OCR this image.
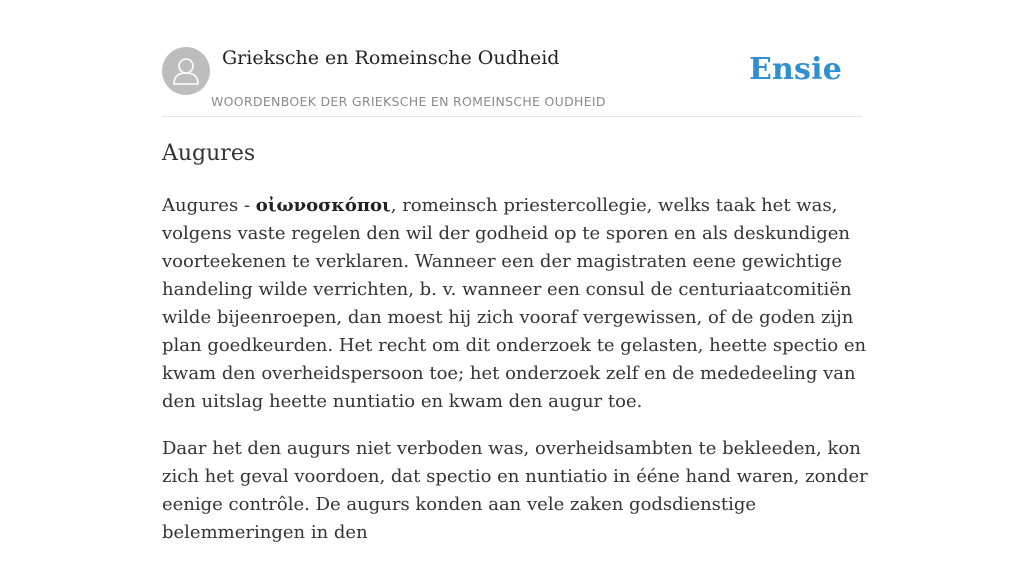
Grieksche en Romeinsche Oudheid
WOORDENBOEK DER GRIEKSCHE EN ROMEINSCHE OUDHEID
Ensie
Augures

Augures - οἰωνοσκόποι, romeinsch priestercollegie, welks taak het was, volgens vaste regelen den wil der godheid op te sporen en als deskundigen voorteekenen te verklaren. Wanneer een der magistraten eene gewichtige handeling wilde verrichten, b. v. wanneer een consul de centuriaatcomitiën wilde bijeenroepen, dan moest hij zich vooraf vergewissen, of de goden zijn plan goedkeurden. Het recht om dit onderzoek te gelasten, heette spectio en kwam den overheidspersoon toe; het onderzoek zelf en de mededeeling van den uitslag heette nuntiatio en kwam den augur toe.

Daar het den augurs niet verboden was, overheidsambten te bekleeden, kon zich het geval voordoen, dat spectio en nuntiatio in ééne hand waren, zonder eenige contrôle. De augurs konden aan vele zaken godsdienstige belemmeringen in den
